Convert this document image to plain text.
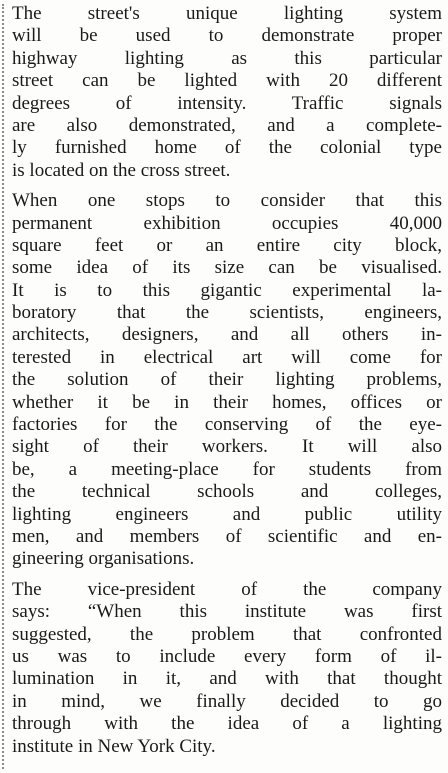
The street's unique lighting system
will be used to demonstrate proper
highway lighting as this particular
street can be lighted with 20 different
degrees of intensity. Traffic signals
are also demonstrated, and a complete-
ly furnished home of the colonial type
is located on the cross street.

When one stops to consider that this
permanent exhibition occupies 40,000
square feet or an entire city block,
some idea of its size can be visualised.
It is to this gigantic experimental la-
boratory that the scientists, engineers,
architects, designers, and all others in-
terested in electrical art will come for
the solution of their lighting problems,
whether it be in their homes, offices or
factories for the conserving of the eye-
sight of their workers. It will also
be, a meeting-place for students from
the technical schools and colleges,
lighting engineers and public utility
men, and members of scientific and en-
gineering organisations.

The vice-president of the company
says: “When this institute was first
suggested, the problem that confronted
us was to include every form of il-
lumination in it, and with that thought
in mind, we finally decided to go
through with the idea of a lighting
institute in New York City.
